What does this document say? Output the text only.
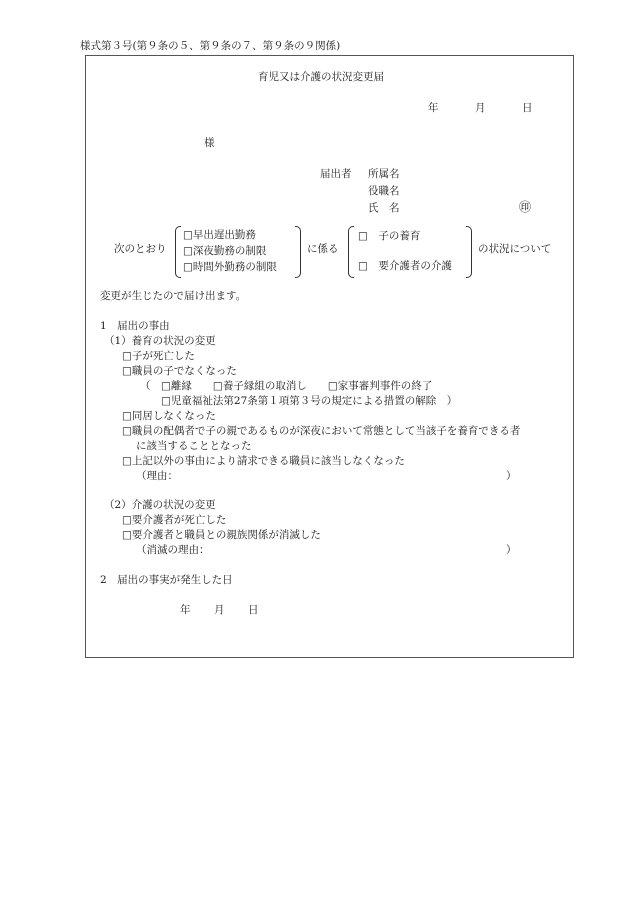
様式第３号(第９条の５、第９条の７、第９条の９関係)
育児又は介護の状況変更届
年	月	日
様
届出者 所属名
役職名
氏　名	㊞
次のとおり
□早出遅出勤務
□深夜勤務の制限
□時間外勤務の制限
に係る
□　子の養育
□　要介護者の介護
の状況について
変更が生じたので届け出ます。
1　届出の事由
（1）養育の状況の変更
□子が死亡した
□職員の子でなくなった
（　□離縁　　□養子縁組の取消し　　□家事審判事件の終了
□児童福祉法第27条第１項第３号の規定による措置の解除　）
□同居しなくなった
□職員の配偶者で子の親であるものが深夜において常態として当該子を養育できる者
に該当することとなった
□上記以外の事由により請求できる職員に該当しなくなった
（理由：	）
（2）介護の状況の変更
□要介護者が死亡した
□要介護者と職員との親族関係が消滅した
（消滅の理由：	）
2　届出の事実が発生した日
年 月 日
